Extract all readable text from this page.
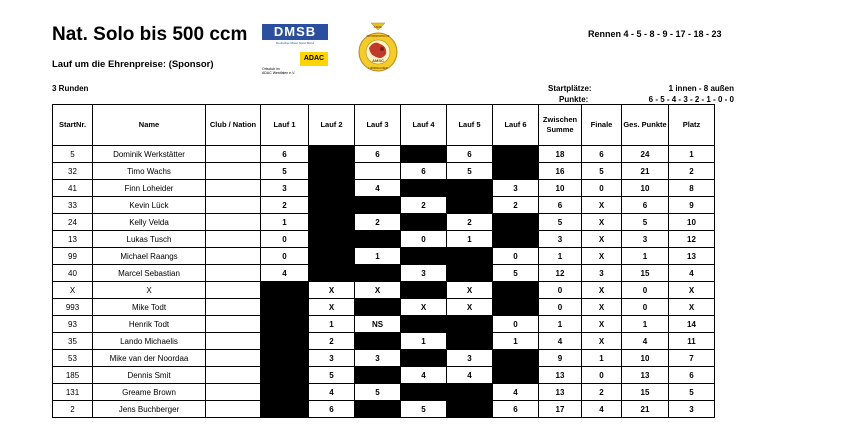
Nat. Solo bis 500 ccm
Lauf um die Ehrenpreise: (Sponsor)
3 Runden
Rennen 4 - 5 - 8 - 9 - 17 - 18 - 23
Startplätze:	1 innen - 8 außen
Punkte:	6 - 5 - 4 - 3 - 2 - 1 - 0 - 0
DMSB
Deutscher Motor Sport Bund
ADAC
Ortsclub im
ADAC Westfalen e.V.
AMSC
ADAC
MOTORSPORTCLUB
LÜDINGHAUSEN
StartNr.	Name	Club / Nation	Lauf 1	Lauf 2	Lauf 3	Lauf 4	Lauf 5	Lauf 6	Zwischen Summe	Finale	Ges. Punkte	Platz
5	Dominik Werkstätter		6		6		6		18	6	24	1
32	Timo Wachs		5			6	5		16	5	21	2
41	Finn Loheider		3		4			3	10	0	10	8
33	Kevin Lück		2			2		2	6	X	6	9
24	Kelly Velda		1		2		2		5	X	5	10
13	Lukas Tusch		0			0	1		3	X	3	12
99	Michael Raangs		0		1			0	1	X	1	13
40	Marcel Sebastian		4			3		5	12	3	15	4
X	X			X	X		X		0	X	0	X
993	Mike Todt			X		X	X		0	X	0	X
93	Henrik Todt			1	NS			0	1	X	1	14
35	Lando Michaelis			2		1		1	4	X	4	11
53	Mike van der Noordaa			3	3		3		9	1	10	7
185	Dennis Smit			5		4	4		13	0	13	6
131	Greame Brown			4	5			4	13	2	15	5
2	Jens Buchberger			6		5		6	17	4	21	3
